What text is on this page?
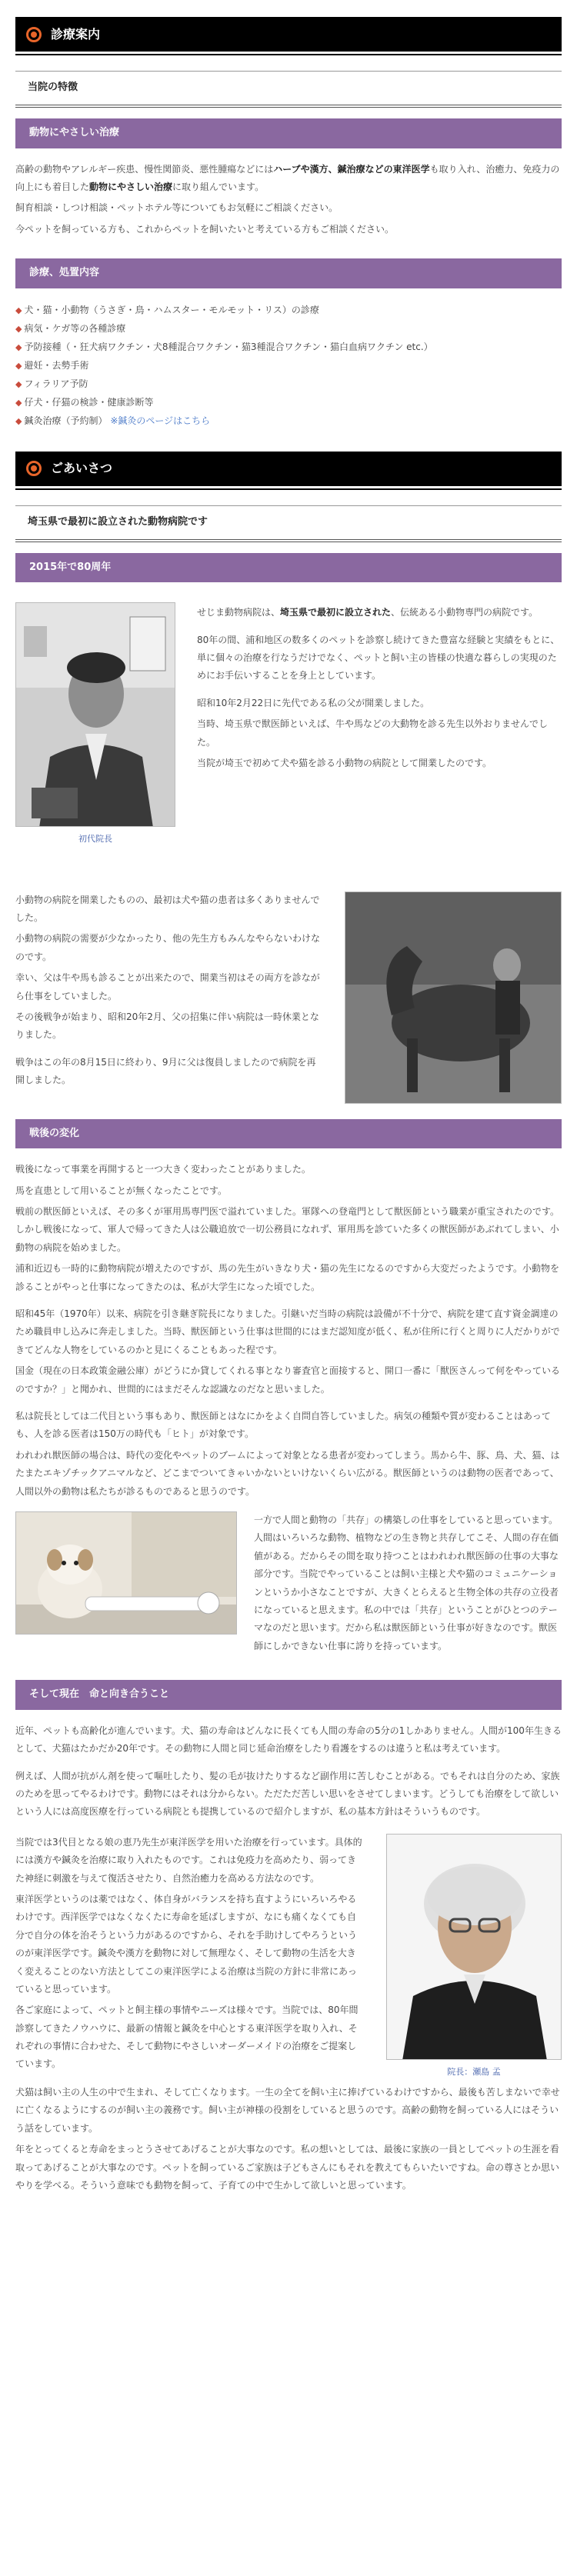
診療案内
当院の特徴
動物にやさしい治療

高齢の動物やアレルギー疾患、慢性関節炎、悪性腫瘍などにはハーブや漢方、鍼治療などの東洋医学も取り入れ、治癒力、免疫力の向上にも着目した動物にやさしい治療に取り組んでいます。

飼育相談・しつけ相談・ペットホテル等についてもお気軽にご相談ください。

今ペットを飼っている方も、これからペットを飼いたいと考えている方もご相談ください。

診療、処置内容
◆ 犬・猫・小動物（うさぎ・鳥・ハムスター・モルモット・リス）の診療
◆ 病気・ケガ等の各種診療
◆ 予防接種（・狂犬病ワクチン・犬8種混合ワクチン・猫3種混合ワクチン・猫白血病ワクチン etc.）
◆ 避妊・去勢手術
◆ フィラリア予防
◆ 仔犬・仔猫の検診・健康診断等
◆ 鍼灸治療（予約制） ※鍼灸のページはこちら
ごあいさつ
埼玉県で最初に設立された動物病院です
2015年で80周年
初代院長

せじま動物病院は、埼玉県で最初に設立された、伝統ある小動物専門の病院です。

80年の間、浦和地区の数多くのペットを診察し続けてきた豊富な経験と実績をもとに、単に個々の治療を行なうだけでなく、ペットと飼い主の皆様の快適な暮らしの実現のためにお手伝いすることを身上としています。

昭和10年2月22日に先代である私の父が開業しました。

当時、埼玉県で獣医師といえば、牛や馬などの大動物を診る先生以外おりませんでした。

当院が埼玉で初めて犬や猫を診る小動物の病院として開業したのです。

小動物の病院を開業したものの、最初は犬や猫の患者は多くありませんでした。

小動物の病院の需要が少なかったり、他の先生方もみんなやらないわけなのです。

幸い、父は牛や馬も診ることが出来たので、開業当初はその両方を診ながら仕事をしていました。

その後戦争が始まり、昭和20年2月、父の招集に伴い病院は一時休業となりました。

戦争はこの年の8月15日に終わり、9月に父は復員しましたので病院を再開しました。

戦後の変化

戦後になって事業を再開すると一つ大きく変わったことがありました。

馬を直患として用いることが無くなったことです。

戦前の獣医師といえば、その多くが軍用馬専門医で溢れていました。軍隊への登竜門として獣医師という職業が重宝されたのです。しかし戦後になって、軍人で帰ってきた人は公職追放で一切公務員になれず、軍用馬を診ていた多くの獣医師があぶれてしまい、小動物の病院を始めました。

浦和近辺も一時的に動物病院が増えたのですが、馬の先生がいきなり犬・猫の先生になるのですから大変だったようです。小動物を診ることがやっと仕事になってきたのは、私が大学生になった頃でした。

昭和45年（1970年）以来、病院を引き継ぎ院長になりました。引継いだ当時の病院は設備が不十分で、病院を建て直す資金調達のため職員申し込みに奔走しました。当時、獣医師という仕事は世間的にはまだ認知度が低く、私が住所に行くと周りに人だかりができてどんな人物をしているのかと見にくることもあった程です。

国金（現在の日本政策金融公庫）がどうにか貸してくれる事となり審査官と面接すると、開口一番に「獣医さんって何をやっているのですか？」と聞かれ、世間的にはまだそんな認識なのだなと思いました。

私は院長としては二代目という事もあり、獣医師とはなにかをよく自問自答していました。病気の種類や質が変わることはあっても、人を診る医者は150万の時代も「ヒト」が対象です。

われわれ獣医師の場合は、時代の変化やペットのブームによって対象となる患者が変わってしまう。馬から牛、豚、鳥、犬、猫、はたまたエキゾチックアニマルなど、どこまでついてきゃいかないといけないくらい広がる。獣医師というのは動物の医者であって、人間以外の動物は私たちが診るものであると思うのです。

一方で人間と動物の「共存」の構築しの仕事をしていると思っています。人間はいろいろな動物、植物などの生き物と共存してこそ、人間の存在価値がある。だからその間を取り持つことはわれわれ獣医師の仕事の大事な部分です。当院でやっていることは飼い主様と犬や猫のコミュニケーションというか小さなことですが、大きくとらえると生物全体の共存の立役者になっていると思えます。私の中では「共存」ということがひとつのテーマなのだと思います。だから私は獣医師という仕事が好きなのです。獣医師にしかできない仕事に誇りを持っています。

そして現在　命と向き合うこと

近年、ペットも高齢化が進んでいます。犬、猫の寿命はどんなに長くても人間の寿命の5分の1しかありません。人間が100年生きるとして、犬猫はたかだか20年です。その動物に人間と同じ延命治療をしたり看護をするのは違うと私は考えています。

例えば、人間が抗がん剤を使って嘔吐したり、髪の毛が抜けたりするなど副作用に苦しむことがある。でもそれは自分のため、家族のためを思ってやるわけです。動物にはそれは分からない。ただただ苦しい思いをさせてしまいます。どうしても治療をして欲しいという人には高度医療を行っている病院とも提携しているので紹介しますが、私の基本方針はそういうものです。

当院では3代目となる娘の恵乃先生が東洋医学を用いた治療を行っています。具体的には漢方や鍼灸を治療に取り入れたものです。これは免疫力を高めたり、弱ってきた神経に刺激を与えて復活させたり、自然治癒力を高める方法なのです。

東洋医学というのは薬ではなく、体自身がバランスを持ち直すようにいろいろやるわけです。西洋医学ではなくなくたに寿命を延ばしますが、なにも痛くなくても自分で自分の体を治そうという力があるのですから、それを手助けしてやろうというのが東洋医学です。鍼灸や漢方を動物に対して無理なく、そして動物の生活を大きく変えることのない方法としてこの東洋医学による治療は当院の方針に非常にあっていると思っています。

各ご家庭によって、ペットと飼主様の事情やニーズは様々です。当院では、80年間診察してきたノウハウに、最新の情報と鍼灸を中心とする東洋医学を取り入れ、それぞれの事情に合わせた、そして動物にやさしいオーダーメイドの治療をご提案しています。

院長：瀬島 孟

犬猫は飼い主の人生の中で生まれ、そして亡くなります。一生の全てを飼い主に捧げているわけですから、最後も苦しまないで幸せに亡くなるようにするのが飼い主の義務です。飼い主が神様の役割をしていると思うのです。高齢の動物を飼っている人にはそういう話をしています。

年をとってくると寿命をまっとうさせてあげることが大事なのです。私の想いとしては、最後に家族の一員としてペットの生涯を看取ってあげることが大事なのです。ペットを飼っているご家族は子どもさんにもそれを教えてもらいたいですね。命の尊さとか思いやりを学べる。そういう意味でも動物を飼って、子育ての中で生かして欲しいと思っています。
